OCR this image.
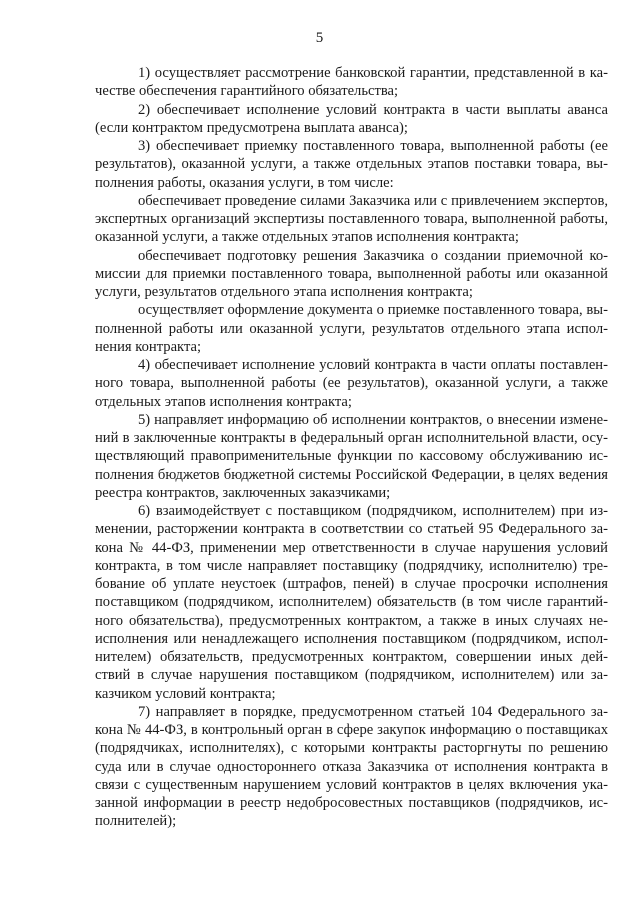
5

1) осуществляет рассмотрение банковской гарантии, представленной в качестве обеспечения гарантийного обязательства;

2) обеспечивает исполнение условий контракта в части выплаты аванса (если контрактом предусмотрена выплата аванса);

3) обеспечивает приемку поставленного товара, выполненной работы (ее результатов), оказанной услуги, а также отдельных этапов поставки товара, выполнения работы, оказания услуги, в том числе:

обеспечивает проведение силами Заказчика или с привлечением экспертов, экспертных организаций экспертизы поставленного товара, выполненной работы, оказанной услуги, а также отдельных этапов исполнения контракта;

обеспечивает подготовку решения Заказчика о создании приемочной комиссии для приемки поставленного товара, выполненной работы или оказанной услуги, результатов отдельного этапа исполнения контракта;

осуществляет оформление документа о приемке поставленного товара, выполненной работы или оказанной услуги, результатов отдельного этапа исполнения контракта;

4) обеспечивает исполнение условий контракта в части оплаты поставленного товара, выполненной работы (ее результатов), оказанной услуги, а также отдельных этапов исполнения контракта;

5) направляет информацию об исполнении контрактов, о внесении изменений в заключенные контракты в федеральный орган исполнительной власти, осуществляющий правоприменительные функции по кассовому обслуживанию исполнения бюджетов бюджетной системы Российской Федерации, в целях ведения реестра контрактов, заключенных заказчиками;

6) взаимодействует с поставщиком (подрядчиком, исполнителем) при изменении, расторжении контракта в соответствии со статьей 95 Федерального закона № 44-ФЗ, применении мер ответственности в случае нарушения условий контракта, в том числе направляет поставщику (подрядчику, исполнителю) требование об уплате неустоек (штрафов, пеней) в случае просрочки исполнения поставщиком (подрядчиком, исполнителем) обязательств (в том числе гарантийного обязательства), предусмотренных контрактом, а также в иных случаях неисполнения или ненадлежащего исполнения поставщиком (подрядчиком, исполнителем) обязательств, предусмотренных контрактом, совершении иных действий в случае нарушения поставщиком (подрядчиком, исполнителем) или заказчиком условий контракта;

7) направляет в порядке, предусмотренном статьей 104 Федерального закона № 44-ФЗ, в контрольный орган в сфере закупок информацию о поставщиках (подрядчиках, исполнителях), с которыми контракты расторгнуты по решению суда или в случае одностороннего отказа Заказчика от исполнения контракта в связи с существенным нарушением условий контрактов в целях включения указанной информации в реестр недобросовестных поставщиков (подрядчиков, исполнителей);
